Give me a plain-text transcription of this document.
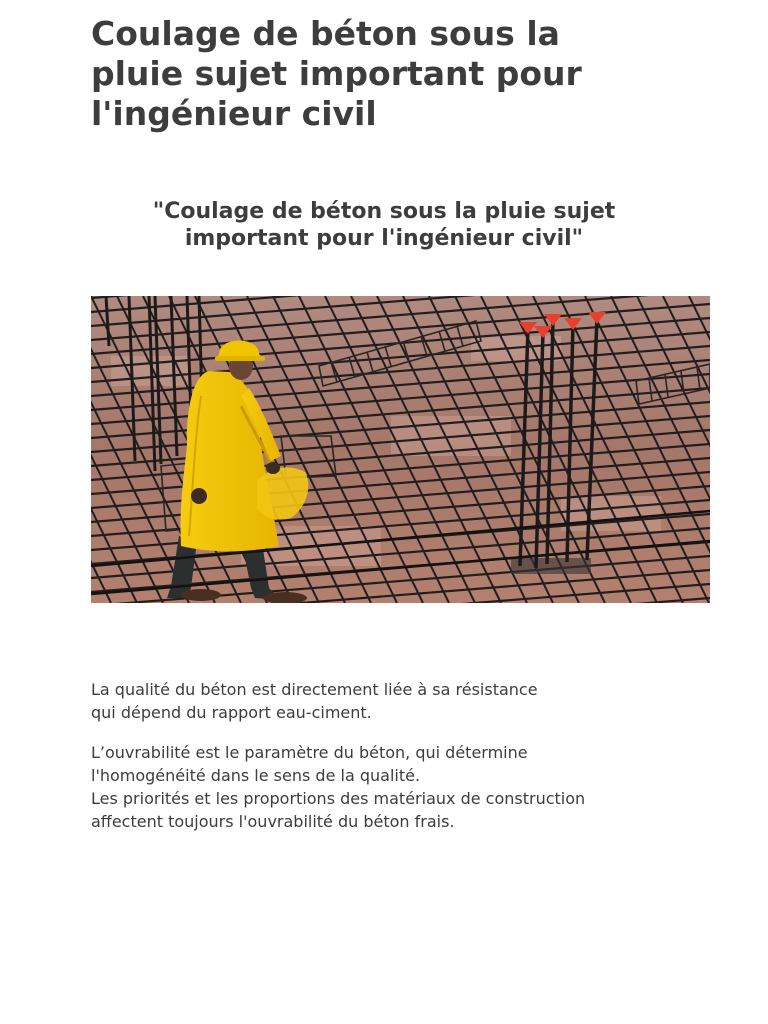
Coulage de béton sous la
pluie sujet important pour
l'ingénieur civil
"Coulage de béton sous la pluie sujet
important pour l'ingénieur civil"

La qualité du béton est directement liée à sa résistance
qui dépend du rapport eau-ciment.

L’ouvrabilité est le paramètre du béton, qui détermine
l'homogénéité dans le sens de la qualité.
Les priorités et les proportions des matériaux de construction
affectent toujours l'ouvrabilité du béton frais.
